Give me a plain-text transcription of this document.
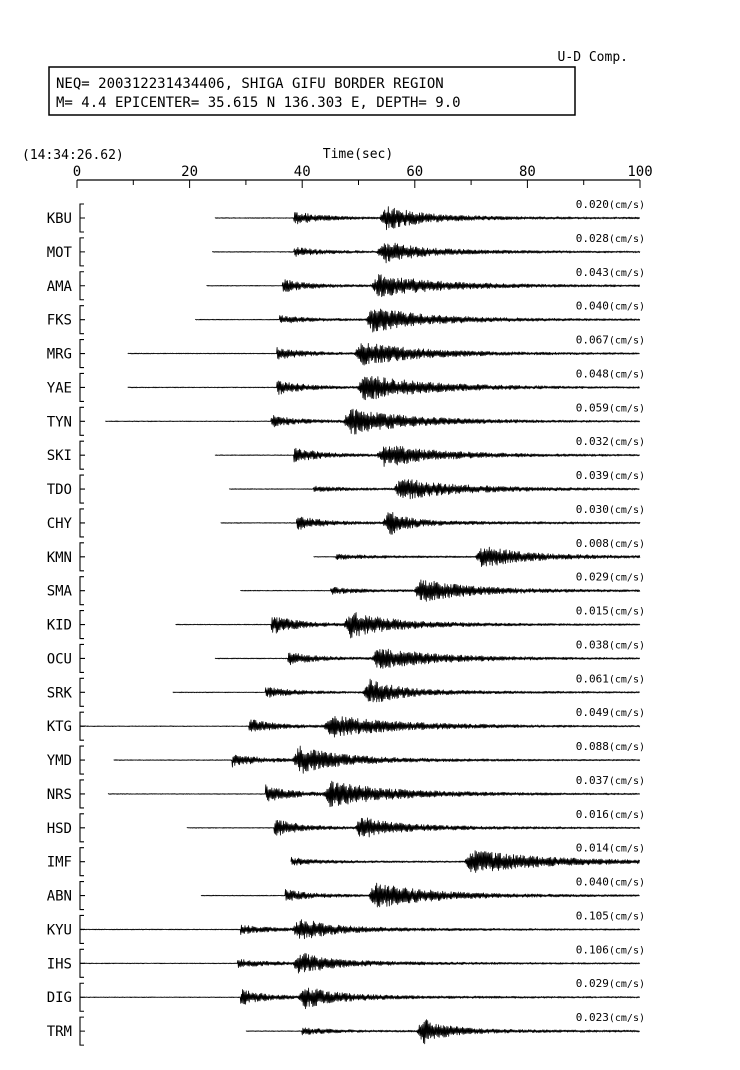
U-D Comp.
NEQ= 200312231434406, SHIGA GIFU BORDER REGION
M= 4.4 EPICENTER= 35.615 N 136.303 E, DEPTH= 9.0
(14:34:26.62)	Time(sec)
0	20	40	60	80	100
KBU
0.020(cm/s)
MOT
0.028(cm/s)
AMA
0.043(cm/s)
FKS
0.040(cm/s)
MRG
0.067(cm/s)
YAE
0.048(cm/s)
TYN
0.059(cm/s)
SKI
0.032(cm/s)
TDO
0.039(cm/s)
CHY
0.030(cm/s)
KMN
0.008(cm/s)
SMA
0.029(cm/s)
KID
0.015(cm/s)
OCU
0.038(cm/s)
SRK
0.061(cm/s)
KTG
0.049(cm/s)
YMD
0.088(cm/s)
NRS
0.037(cm/s)
HSD
0.016(cm/s)
IMF
0.014(cm/s)
ABN
0.040(cm/s)
KYU
0.105(cm/s)
IHS
0.106(cm/s)
DIG
0.029(cm/s)
TRM
0.023(cm/s)
